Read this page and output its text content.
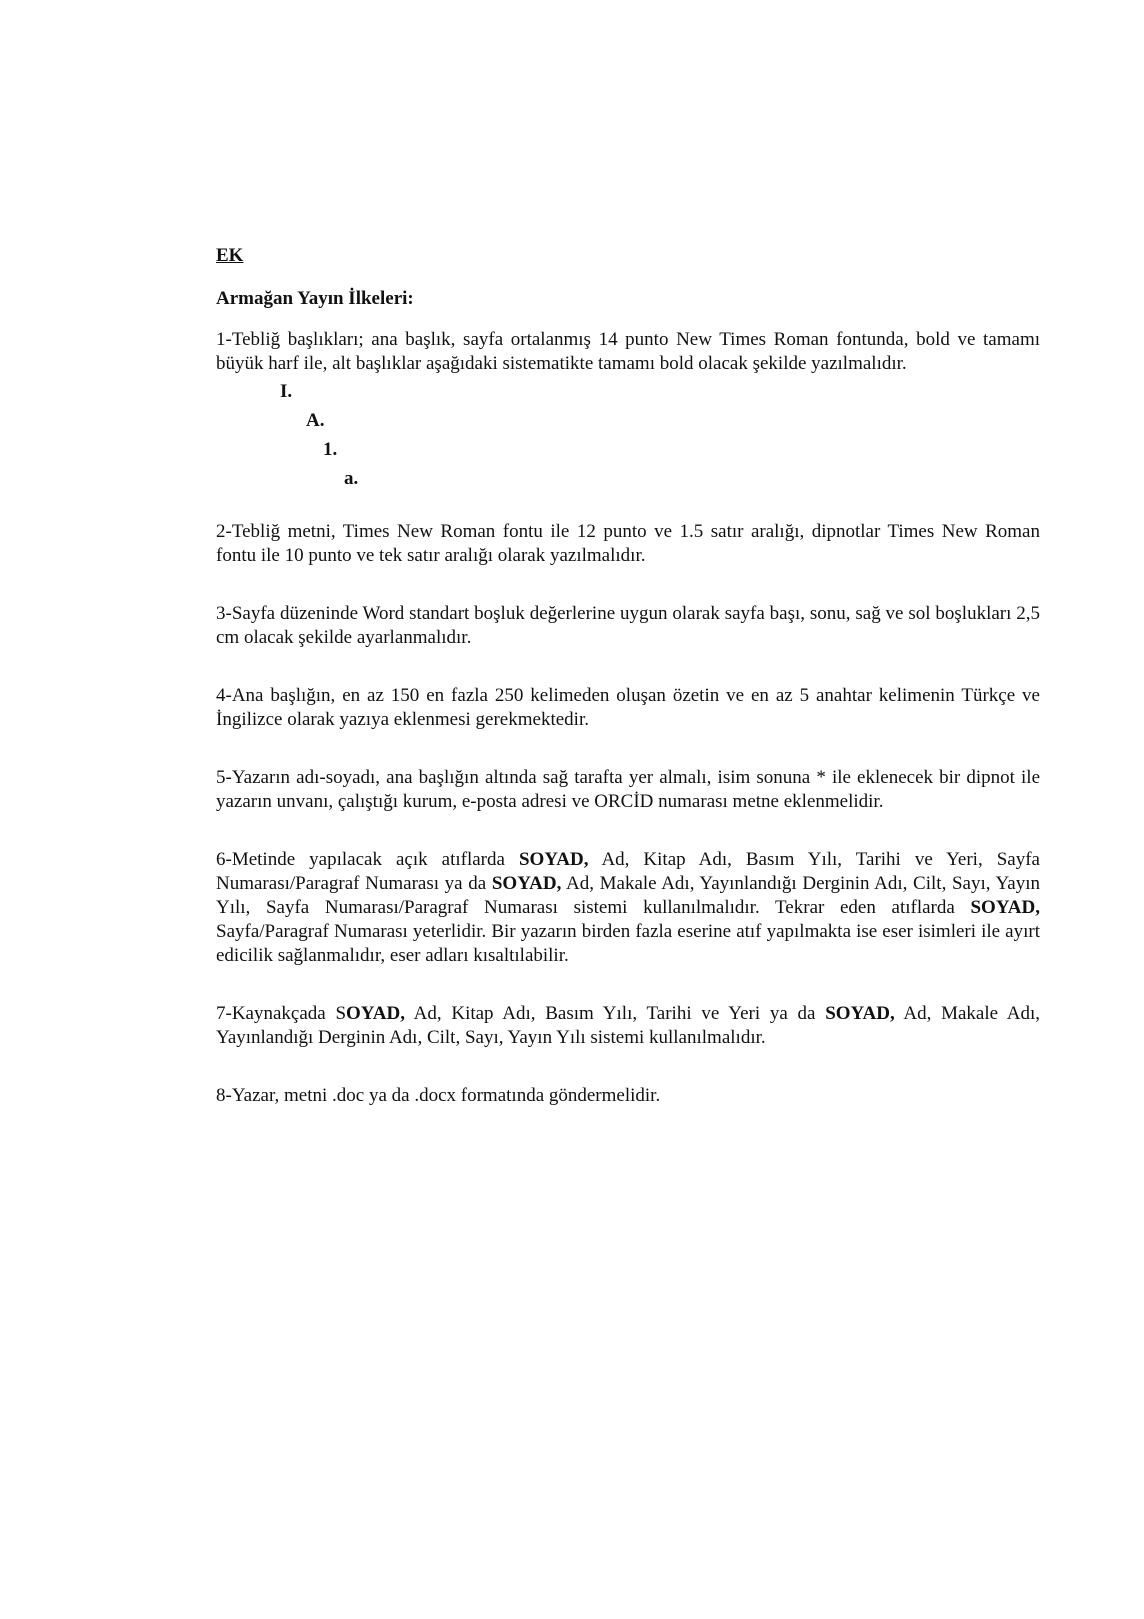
EK

Armağan Yayın İlkeleri:

1-Tebliğ başlıkları; ana başlık, sayfa ortalanmış 14 punto New Times Roman fontunda, bold ve tamamı büyük harf ile, alt başlıklar aşağıdaki sistematikte tamamı bold olacak şekilde yazılmalıdır.

I.
A.
1.
a.

2-Tebliğ metni, Times New Roman fontu ile 12 punto ve 1.5 satır aralığı, dipnotlar Times New Roman fontu ile 10 punto ve tek satır aralığı olarak yazılmalıdır.

3-Sayfa düzeninde Word standart boşluk değerlerine uygun olarak sayfa başı, sonu, sağ ve sol boşlukları 2,5 cm olacak şekilde ayarlanmalıdır.

4-Ana başlığın, en az 150 en fazla 250 kelimeden oluşan özetin ve en az 5 anahtar kelimenin Türkçe ve İngilizce olarak yazıya eklenmesi gerekmektedir.

5-Yazarın adı-soyadı, ana başlığın altında sağ tarafta yer almalı, isim sonuna * ile eklenecek bir dipnot ile yazarın unvanı, çalıştığı kurum, e-posta adresi ve ORCİD numarası metne eklenmelidir.

6-Metinde yapılacak açık atıflarda SOYAD, Ad, Kitap Adı, Basım Yılı, Tarihi ve Yeri, Sayfa Numarası/Paragraf Numarası ya da SOYAD, Ad, Makale Adı, Yayınlandığı Derginin Adı, Cilt, Sayı, Yayın Yılı, Sayfa Numarası/Paragraf Numarası sistemi kullanılmalıdır. Tekrar eden atıflarda SOYAD, Sayfa/Paragraf Numarası yeterlidir. Bir yazarın birden fazla eserine atıf yapılmakta ise eser isimleri ile ayırt edicilik sağlanmalıdır, eser adları kısaltılabilir.

7-Kaynakçada SOYAD, Ad, Kitap Adı, Basım Yılı, Tarihi ve Yeri ya da SOYAD, Ad, Makale Adı, Yayınlandığı Derginin Adı, Cilt, Sayı, Yayın Yılı sistemi kullanılmalıdır.

8-Yazar, metni .doc ya da .docx formatında göndermelidir.
